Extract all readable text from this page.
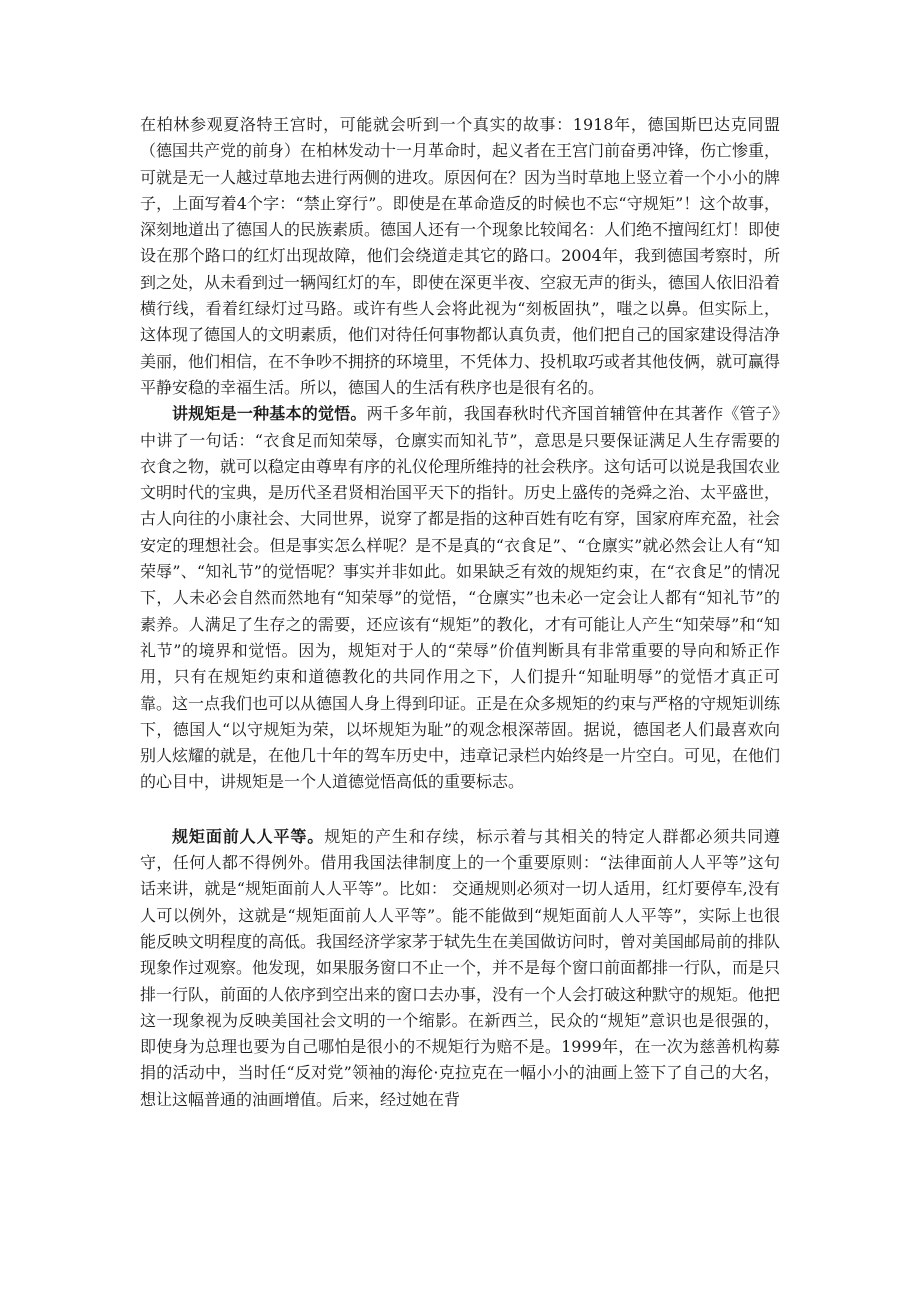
在柏林参观夏洛特王宫时，可能就会听到一个真实的故事：1918年，德国斯巴达克同盟（德国共产党的前身）在柏林发动十一月革命时，起义者在王宫门前奋勇冲锋，伤亡惨重，可就是无一人越过草地去进行两侧的进攻。原因何在？因为当时草地上竖立着一个小小的牌子，上面写着4个字：“禁止穿行”。即使是在革命造反的时候也不忘“守规矩”！这个故事，深刻地道出了德国人的民族素质。德国人还有一个现象比较闻名：人们绝不擅闯红灯！即使设在那个路口的红灯出现故障，他们会绕道走其它的路口。2004年，我到德国考察时，所到之处，从未看到过一辆闯红灯的车，即使在深更半夜、空寂无声的街头，德国人依旧沿着横行线，看着红绿灯过马路。或许有些人会将此视为“刻板固执”，嗤之以鼻。但实际上，这体现了德国人的文明素质，他们对待任何事物都认真负责，他们把自己的国家建设得洁净美丽，他们相信，在不争吵不拥挤的环境里，不凭体力、投机取巧或者其他伎俩，就可赢得平静安稳的幸福生活。所以，德国人的生活有秩序也是很有名的。

讲规矩是一种基本的觉悟。两千多年前，我国春秋时代齐国首辅管仲在其著作《管子》中讲了一句话：“衣食足而知荣辱，仓廪实而知礼节”，意思是只要保证满足人生存需要的衣食之物，就可以稳定由尊卑有序的礼仪伦理所维持的社会秩序。这句话可以说是我国农业文明时代的宝典，是历代圣君贤相治国平天下的指针。历史上盛传的尧舜之治、太平盛世，古人向往的小康社会、大同世界，说穿了都是指的这种百姓有吃有穿，国家府库充盈，社会安定的理想社会。但是事实怎么样呢？是不是真的“衣食足”、“仓廪实”就必然会让人有“知荣辱”、“知礼节”的觉悟呢？事实并非如此。如果缺乏有效的规矩约束，在“衣食足”的情况下，人未必会自然而然地有“知荣辱”的觉悟，“仓廪实”也未必一定会让人都有“知礼节”的素养。人满足了生存之的需要，还应该有“规矩”的教化，才有可能让人产生“知荣辱”和“知礼节”的境界和觉悟。因为，规矩对于人的“荣辱”价值判断具有非常重要的导向和矫正作用，只有在规矩约束和道德教化的共同作用之下，人们提升“知耻明辱”的觉悟才真正可靠。这一点我们也可以从德国人身上得到印证。正是在众多规矩的约束与严格的守规矩训练下，德国人“以守规矩为荣，以坏规矩为耻”的观念根深蒂固。据说，德国老人们最喜欢向别人炫耀的就是，在他几十年的驾车历史中，违章记录栏内始终是一片空白。可见，在他们的心目中，讲规矩是一个人道德觉悟高低的重要标志。

规矩面前人人平等。规矩的产生和存续，标示着与其相关的特定人群都必须共同遵守，任何人都不得例外。借用我国法律制度上的一个重要原则：“法律面前人人平等”这句话来讲，就是“规矩面前人人平等”。比如： 交通规则必须对一切人适用，红灯要停车,没有人可以例外，这就是“规矩面前人人平等”。能不能做到“规矩面前人人平等”，实际上也很能反映文明程度的高低。我国经济学家茅于轼先生在美国做访问时，曾对美国邮局前的排队现象作过观察。他发现，如果服务窗口不止一个，并不是每个窗口前面都排一行队，而是只排一行队，前面的人依序到空出来的窗口去办事，没有一个人会打破这种默守的规矩。他把这一现象视为反映美国社会文明的一个缩影。在新西兰，民众的“规矩”意识也是很强的，即使身为总理也要为自己哪怕是很小的不规矩行为赔不是。1999年，在一次为慈善机构募捐的活动中，当时任“反对党”领袖的海伦·克拉克在一幅小小的油画上签下了自己的大名，想让这幅普通的油画增值。后来，经过她在背
